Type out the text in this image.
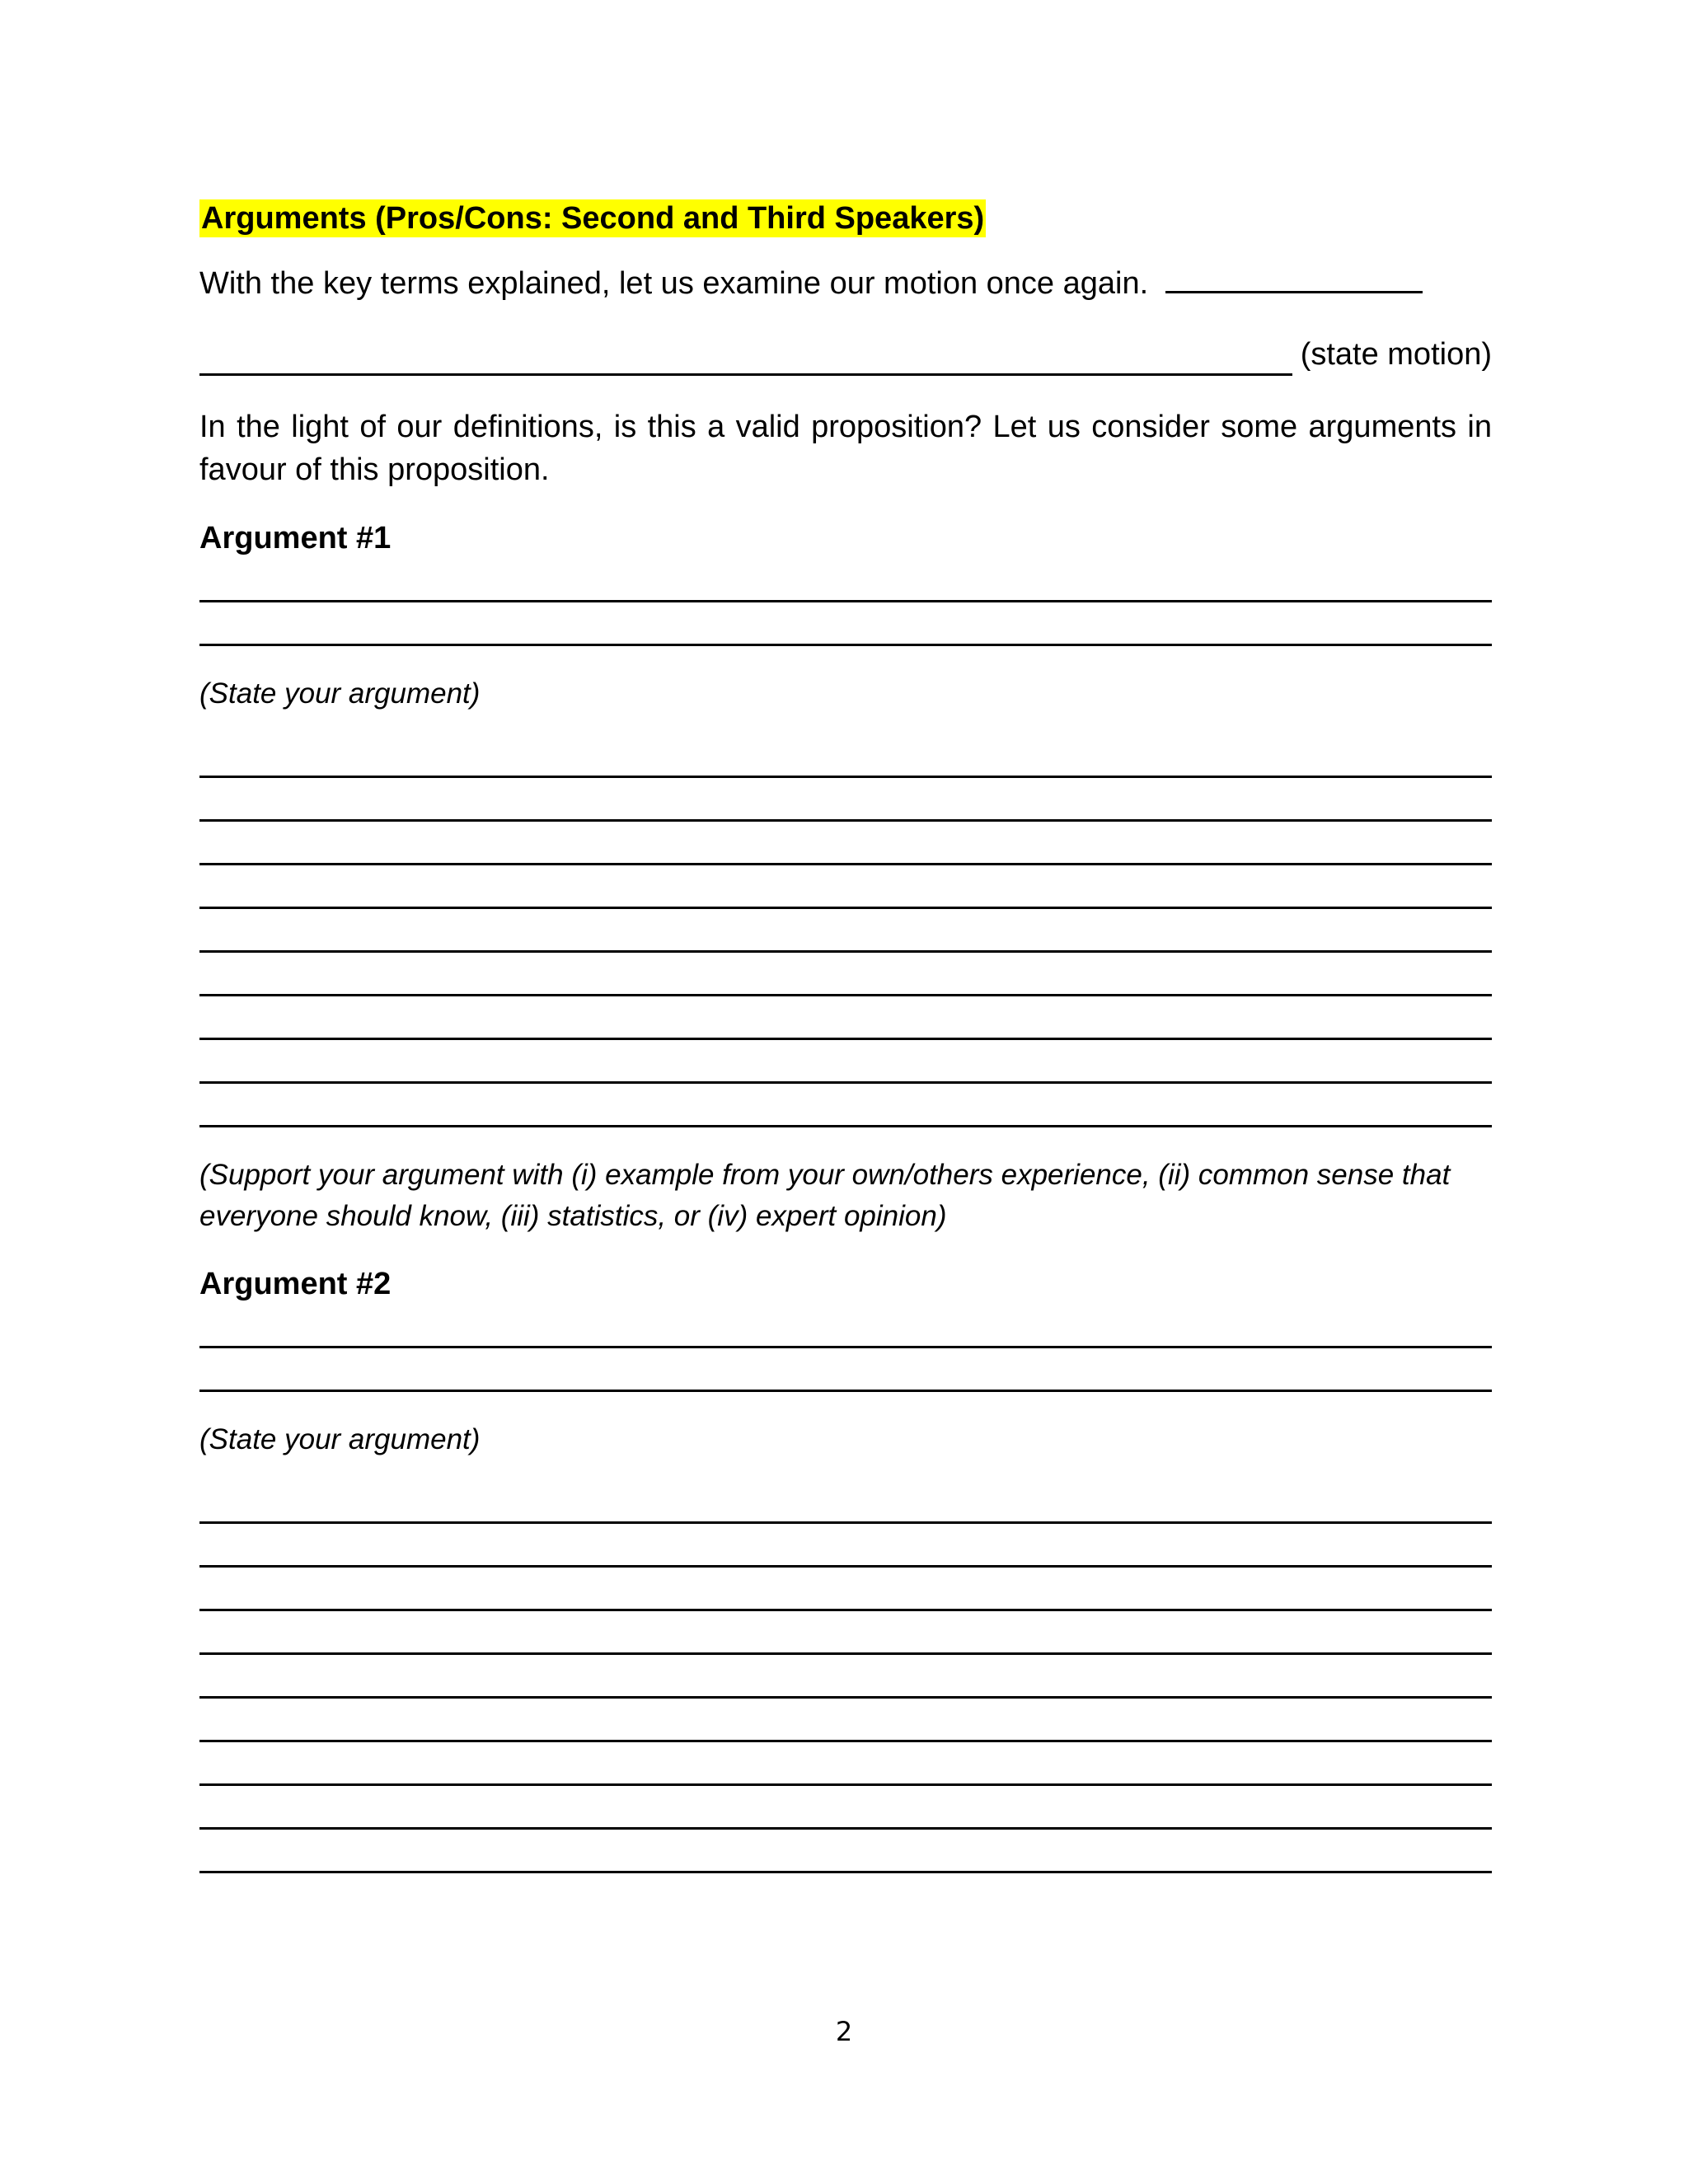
Arguments (Pros/Cons: Second and Third Speakers)

With the key terms explained, let us examine our motion once again.

(state motion)

In the light of our definitions, is this a valid proposition? Let us consider some arguments in favour of this proposition.

Argument #1

(State your argument)

(Support your argument with (i) example from your own/others experience, (ii) common sense that everyone should know, (iii) statistics, or (iv) expert opinion)

Argument #2

(State your argument)

2
